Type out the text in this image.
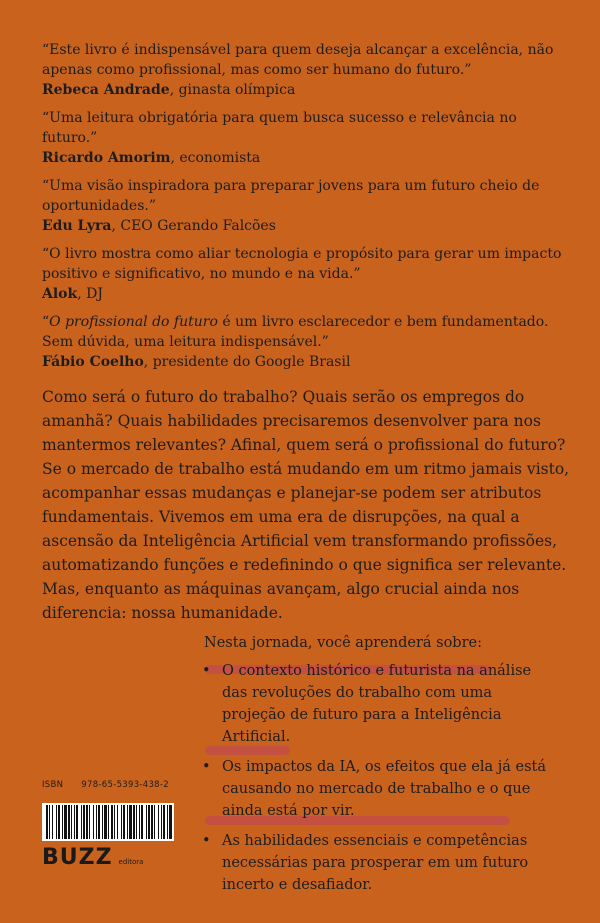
“Este livro é indispensável para quem deseja alcançar a excelência, não apenas como profissional, mas como ser humano do futuro.”
Rebeca Andrade, ginasta olímpica
“Uma leitura obrigatória para quem busca sucesso e relevância no futuro.”
Ricardo Amorim, economista
“Uma visão inspiradora para preparar jovens para um futuro cheio de oportunidades.”
Edu Lyra, CEO Gerando Falcões
“O livro mostra como aliar tecnologia e propósito para gerar um impacto positivo e significativo, no mundo e na vida.”
Alok, DJ
“O profissional do futuro é um livro esclarecedor e bem fundamentado. Sem dúvida, uma leitura indispensável.”
Fábio Coelho, presidente do Google Brasil

Como será o futuro do trabalho? Quais serão os empregos do amanhã? Quais habilidades precisaremos desenvolver para nos mantermos relevantes? Afinal, quem será o profissional do futuro?

Se o mercado de trabalho está mudando em um ritmo jamais visto, acompanhar essas mudanças e planejar-se podem ser atributos fundamentais. Vivemos em uma era de disrupções, na qual a ascensão da Inteligência Artificial vem transformando profissões, automatizando funções e redefinindo o que significa ser relevante. Mas, enquanto as máquinas avançam, algo crucial ainda nos diferencia: nossa humanidade.

Nesta jornada, você aprenderá sobre:
• O contexto histórico e futurista na análise das revoluções do trabalho com uma projeção de futuro para a Inteligência Artificial.
• Os impactos da IA, os efeitos que ela já está causando no mercado de trabalho e o que ainda está por vir.
• As habilidades essenciais e competências necessárias para prosperar em um futuro incerto e desafiador.
ISBN 978-65-5393-438-2
BUZZ editora
